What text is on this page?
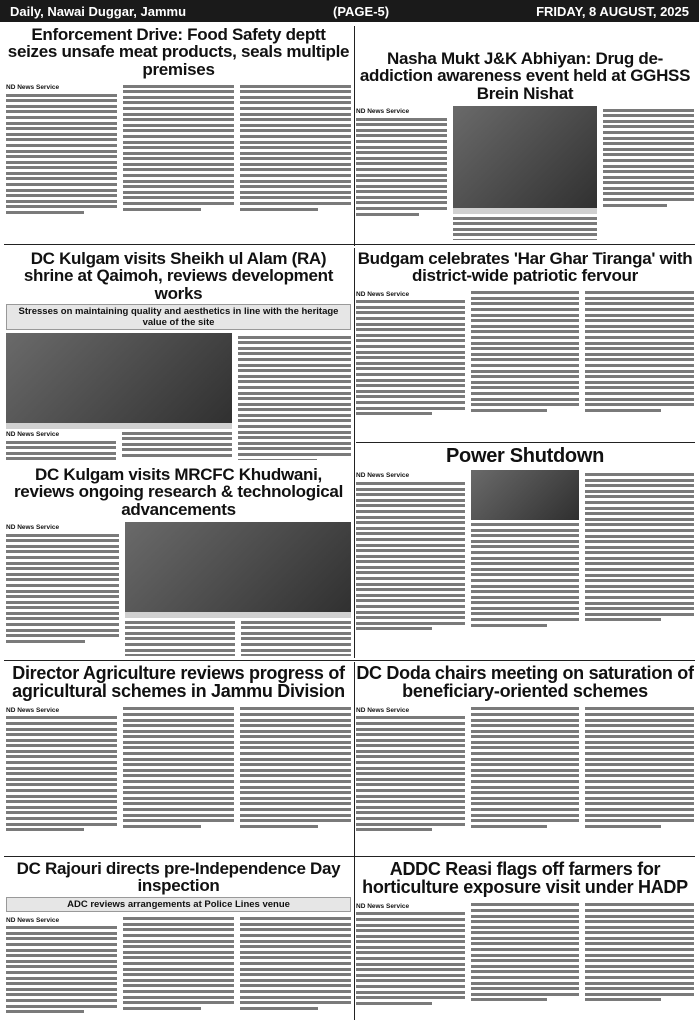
Daily, Nawai Duggar, Jammu	(PAGE-5)	FRIDAY, 8 AUGUST, 2025
Enforcement Drive: Food Safety deptt seizes unsafe meat products, seals multiple premises
ND News Service
Nasha Mukt J&K Abhiyan: Drug de-addiction awareness event held at GGHSS Brein Nishat
ND News Service
DC Kulgam visits Sheikh ul Alam (RA) shrine at Qaimoh, reviews development works
Stresses on maintaining quality and aesthetics in line with the heritage value of the site
ND News Service
Budgam celebrates 'Har Ghar Tiranga' with district-wide patriotic fervour
ND News Service
DC Kulgam visits MRCFC Khudwani, reviews ongoing research & technological advancements
ND News Service
Power Shutdown
ND News Service
Director Agriculture reviews progress of agricultural schemes in Jammu Division
ND News Service
DC Doda chairs meeting on saturation of beneficiary-oriented schemes
ND News Service
DC Rajouri directs pre-Independence Day inspection
ADC reviews arrangements at Police Lines venue
ND News Service
ADDC Reasi flags off farmers for horticulture exposure visit under HADP
ND News Service
